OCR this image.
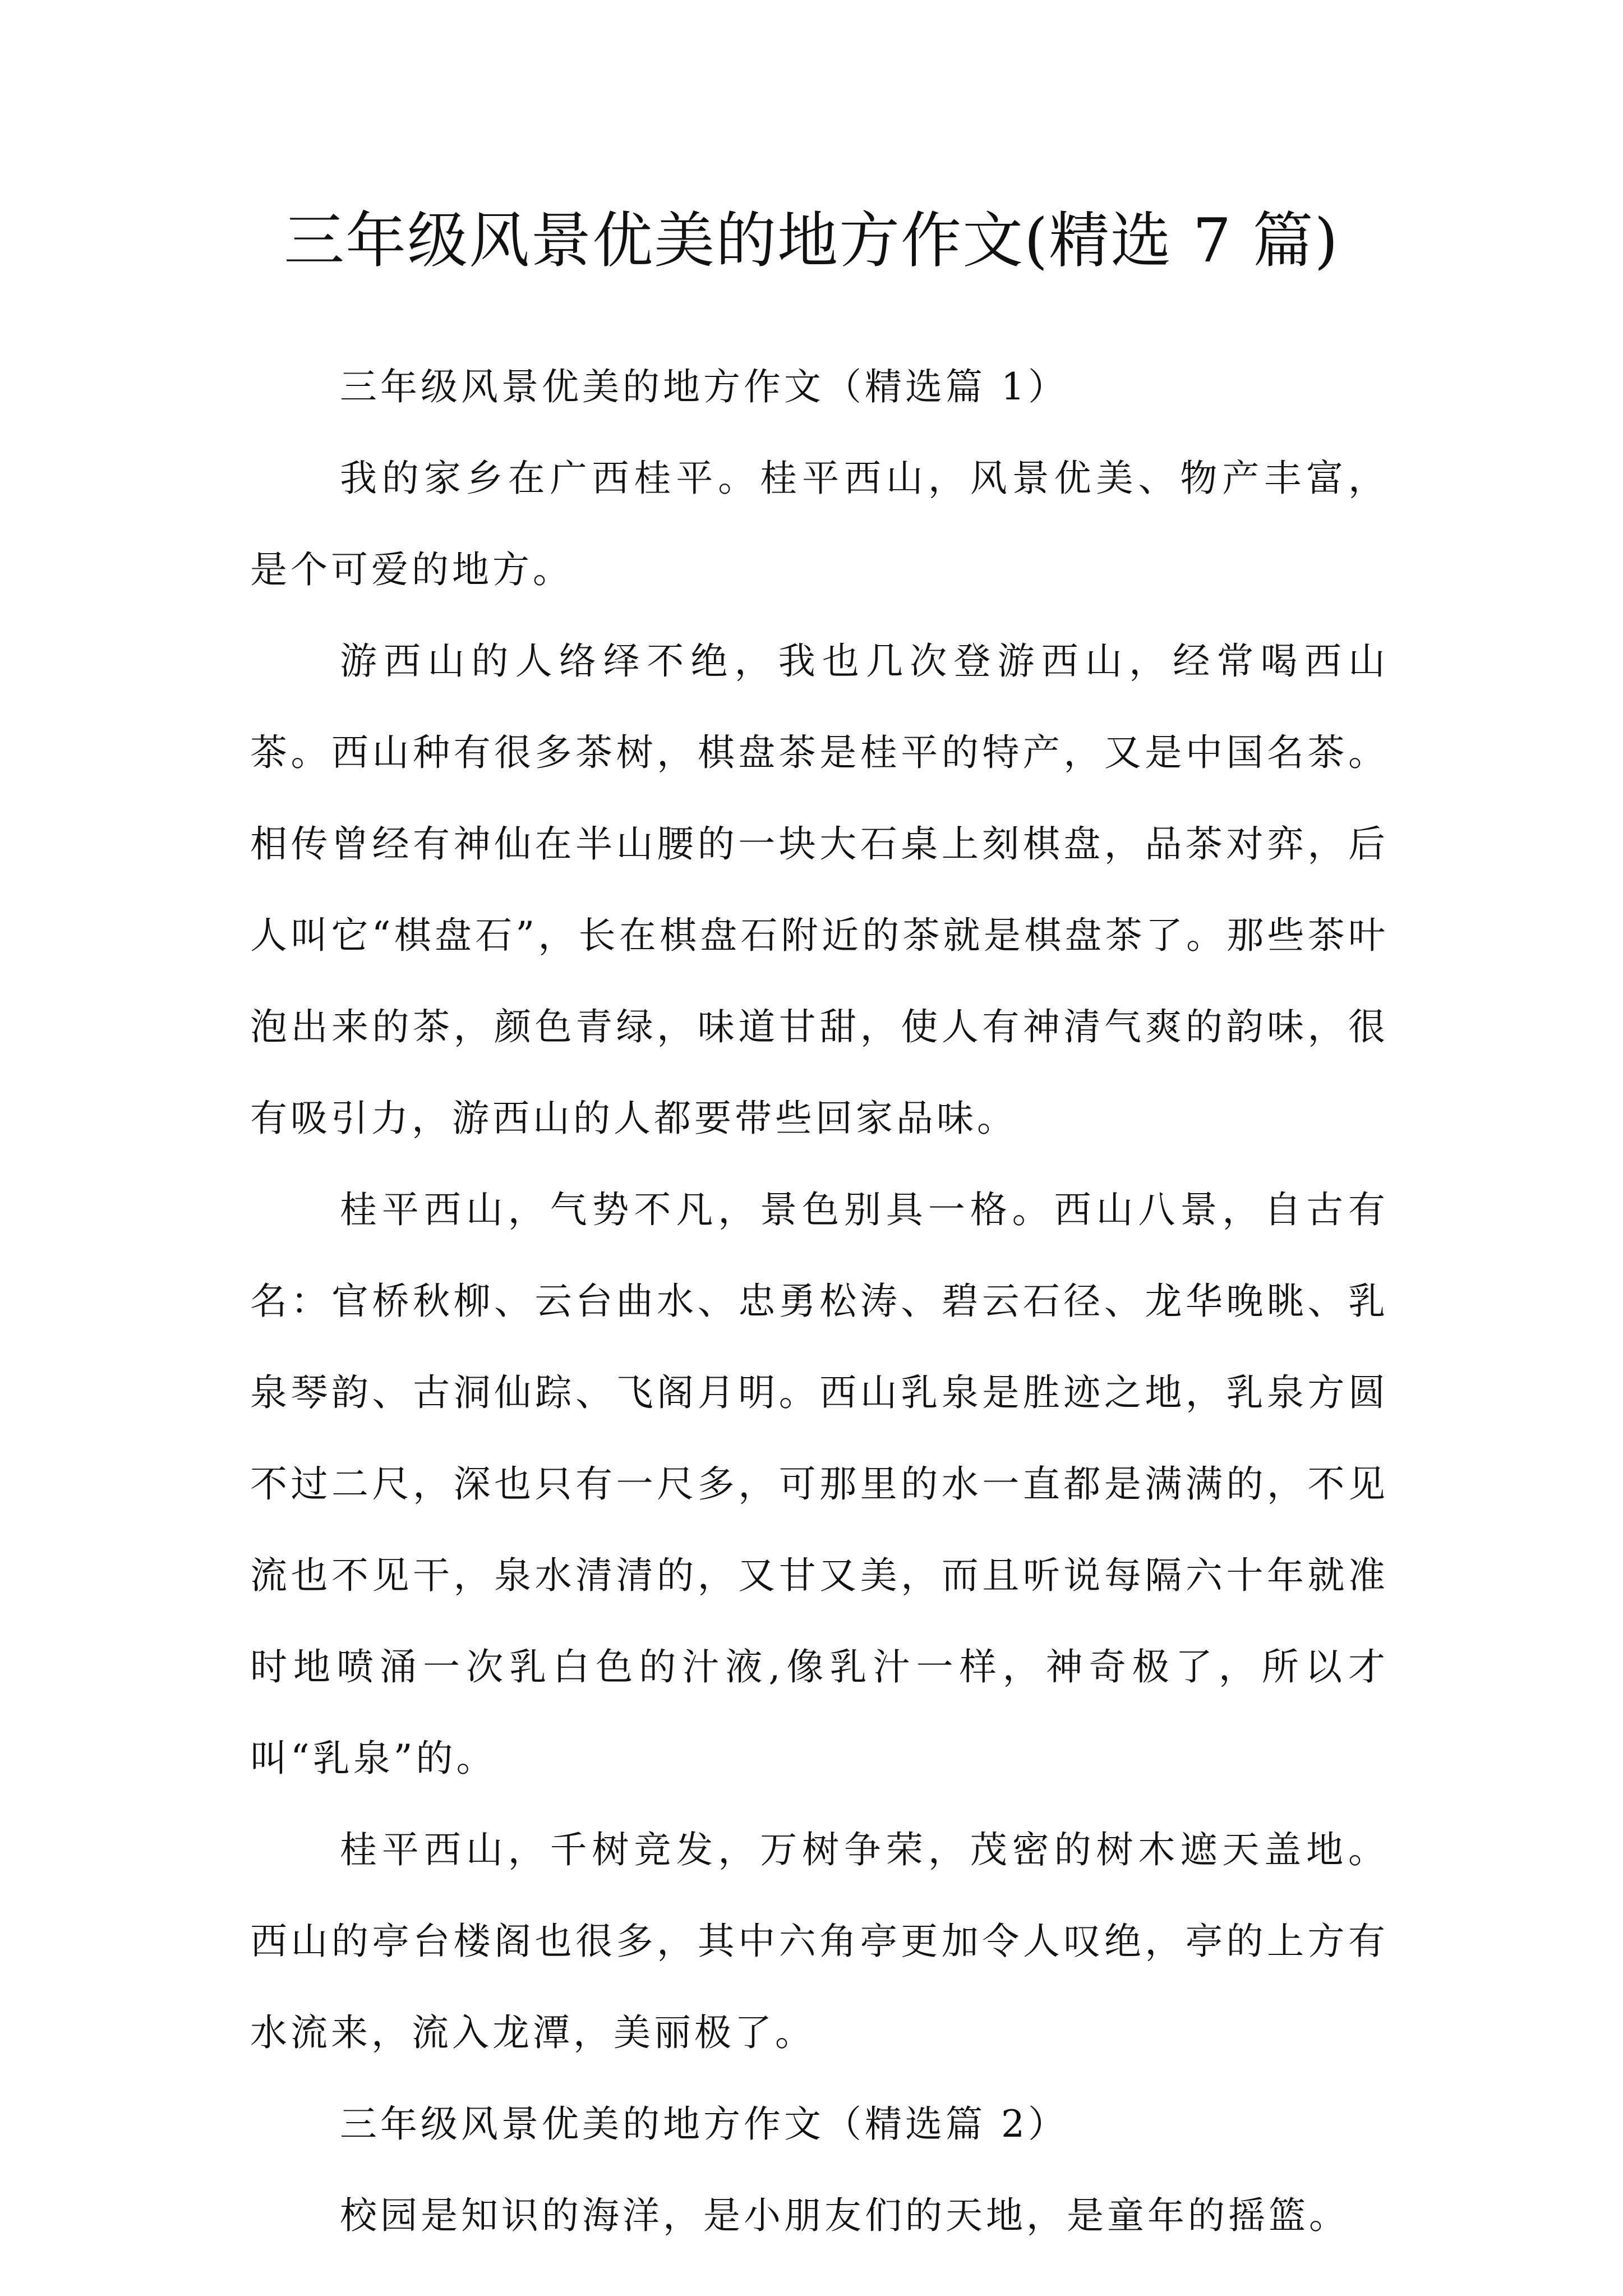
三年级风景优美的地方作文(精选 7 篇)

三年级风景优美的地方作文（精选篇 1）

我的家乡在广西桂平。桂平西山，风景优美、物产丰富，是个可爱的地方。

游西山的人络绎不绝，我也几次登游西山，经常喝西山茶。西山种有很多茶树，棋盘茶是桂平的特产，又是中国名茶。相传曾经有神仙在半山腰的一块大石桌上刻棋盘，品茶对弈，后人叫它“棋盘石”，长在棋盘石附近的茶就是棋盘茶了。那些茶叶泡出来的茶，颜色青绿，味道甘甜，使人有神清气爽的韵味，很有吸引力，游西山的人都要带些回家品味。

桂平西山，气势不凡，景色别具一格。西山八景，自古有名：官桥秋柳、云台曲水、忠勇松涛、碧云石径、龙华晚眺、乳泉琴韵、古洞仙踪、飞阁月明。西山乳泉是胜迹之地，乳泉方圆不过二尺，深也只有一尺多，可那里的水一直都是满满的，不见流也不见干，泉水清清的，又甘又美，而且听说每隔六十年就准时地喷涌一次乳白色的汁液,像乳汁一样，神奇极了，所以才叫“乳泉”的。

桂平西山，千树竞发，万树争荣，茂密的树木遮天盖地。西山的亭台楼阁也很多，其中六角亭更加令人叹绝，亭的上方有水流来，流入龙潭，美丽极了。

三年级风景优美的地方作文（精选篇 2）

校园是知识的海洋，是小朋友们的天地，是童年的摇篮。
